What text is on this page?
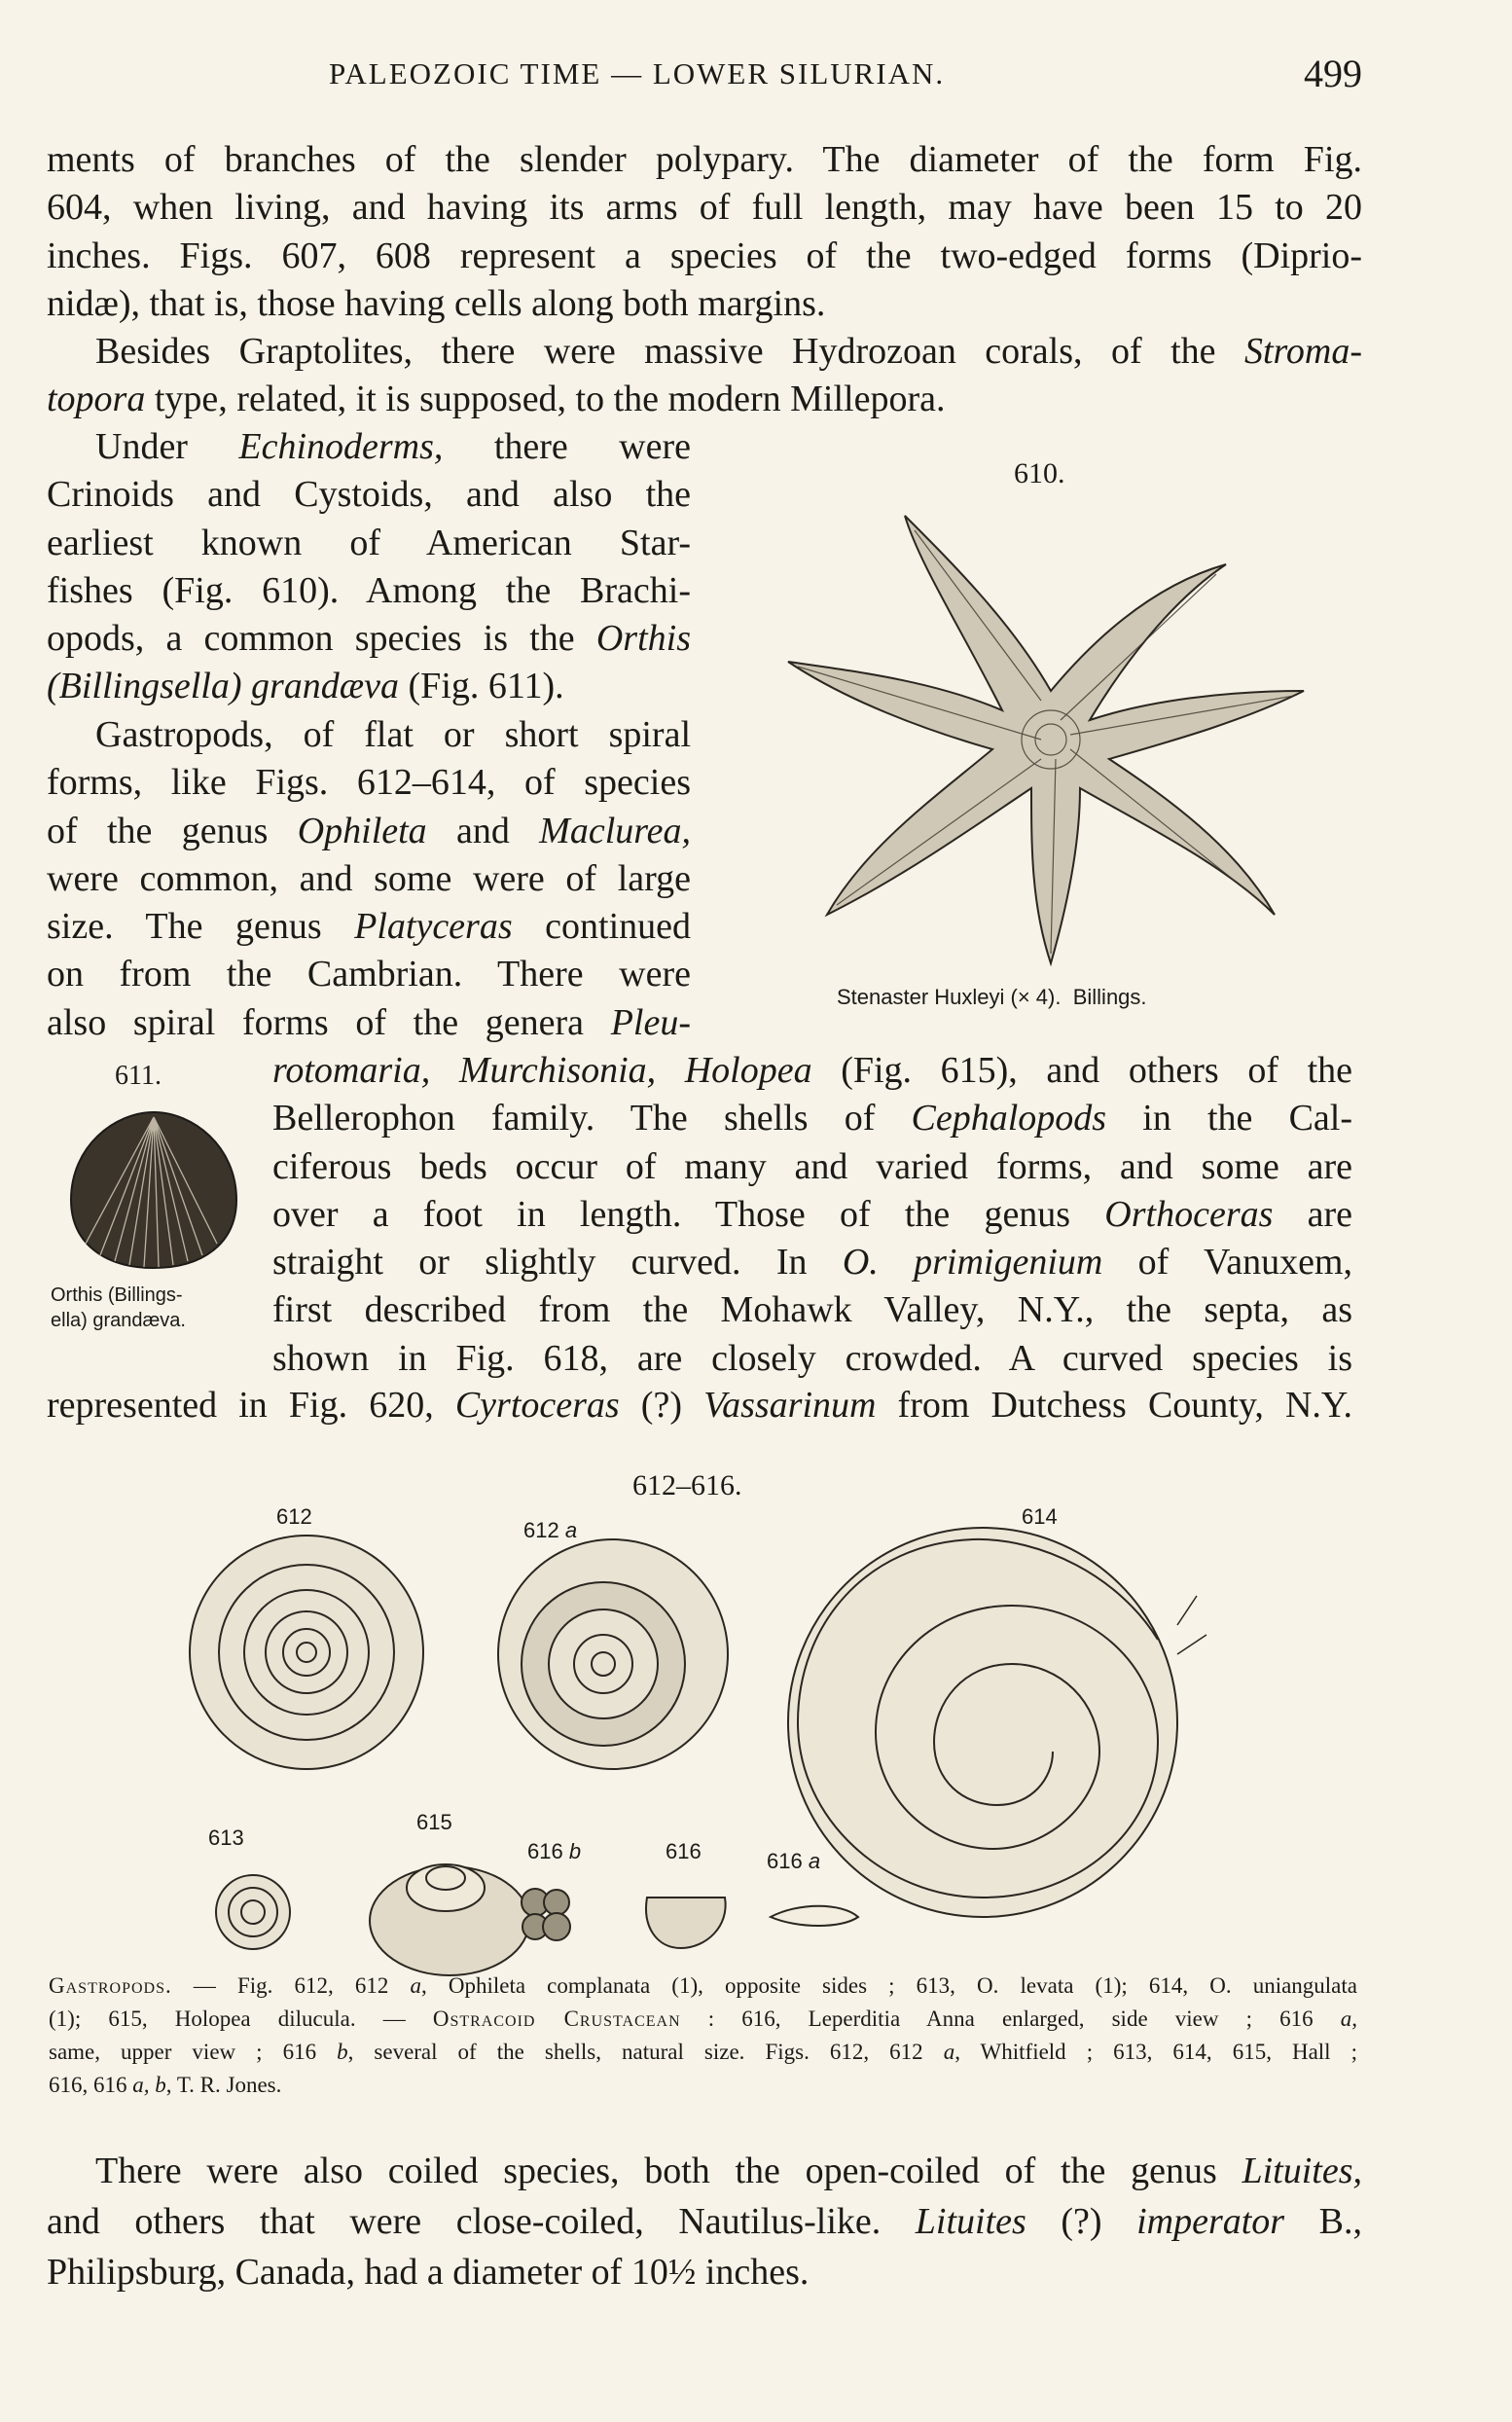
PALEOZOIC TIME — LOWER SILURIAN.	499
ments of branches of the slender polypary. The diameter of the form Fig.
604, when living, and having its arms of full length, may have been 15 to 20
inches. Figs. 607, 608 represent a species of the two-edged forms (Diprio-
nidæ), that is, those having cells along both margins.
Besides Graptolites, there were massive Hydrozoan corals, of the Stroma-
topora type, related, it is supposed, to the modern Millepora.
Under Echinoderms, there were
Crinoids and Cystoids, and also the
earliest known of American Star-
fishes (Fig. 610). Among the Brachi-
opods, a common species is the Orthis
(Billingsella) grandæva (Fig. 611).
Gastropods, of flat or short spiral
forms, like Figs. 612–614, of species
of the genus Ophileta and Maclurea,
were common, and some were of large
size. The genus Platyceras continued
on from the Cambrian. There were
also spiral forms of the genera Pleu-
rotomaria, Murchisonia, Holopea (Fig. 615), and others of the
Bellerophon family. The shells of Cephalopods in the Cal-
ciferous beds occur of many and varied forms, and some are
over a foot in length. Those of the genus Orthoceras are
straight or slightly curved. In O. primigenium of Vanuxem,
first described from the Mohawk Valley, N.Y., the septa, as
shown in Fig. 618, are closely crowded. A curved species is
represented in Fig. 620, Cyrtoceras (?) Vassarinum from Dutchess County, N.Y.
610.
Stenaster Huxleyi (× 4). Billings.
611.
Orthis (Billings-
ella) grandæva.
612–616.
612
612 a
614
613
615
616 b	616	616 a
Gastropods. — Fig. 612, 612 a, Ophileta complanata (1), opposite sides ; 613, O. levata (1); 614, O. uniangulata
(1); 615, Holopea dilucula. — Ostracoid Crustacean : 616, Leperditia Anna enlarged, side view ; 616 a,
same, upper view ; 616 b, several of the shells, natural size. Figs. 612, 612 a, Whitfield ; 613, 614, 615, Hall ;
616, 616 a, b, T. R. Jones.
There were also coiled species, both the open-coiled of the genus Lituites,
and others that were close-coiled, Nautilus-like. Lituites (?) imperator B.,
Philipsburg, Canada, had a diameter of 10½ inches.
